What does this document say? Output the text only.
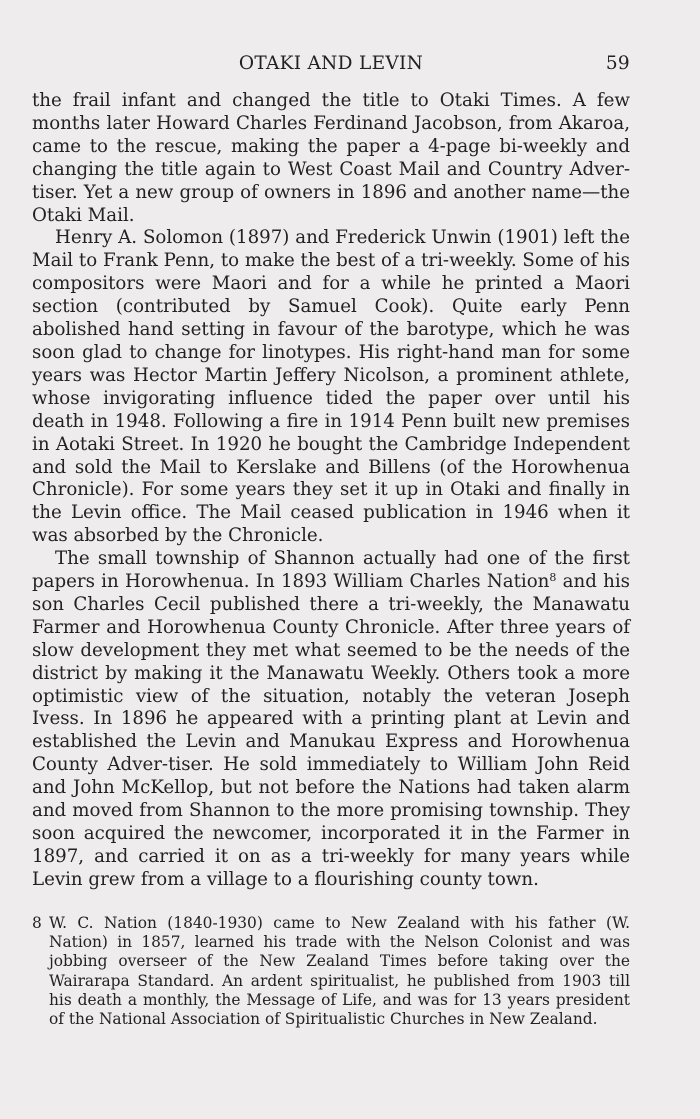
OTAKI AND LEVIN	59

the frail infant and changed the title to Otaki Times. A few months later Howard Charles Ferdinand Jacobson, from Akaroa, came to the rescue, making the paper a 4-page bi-weekly and changing the title again to West Coast Mail and Country Adver-tiser. Yet a new group of owners in 1896 and another name—the Otaki Mail.

Henry A. Solomon (1897) and Frederick Unwin (1901) left the Mail to Frank Penn, to make the best of a tri-weekly. Some of his compositors were Maori and for a while he printed a Maori section (contributed by Samuel Cook). Quite early Penn abolished hand setting in favour of the barotype, which he was soon glad to change for linotypes. His right-hand man for some years was Hector Martin Jeffery Nicolson, a prominent athlete, whose invigorating influence tided the paper over until his death in 1948. Following a fire in 1914 Penn built new premises in Aotaki Street. In 1920 he bought the Cambridge Independent and sold the Mail to Kerslake and Billens (of the Horowhenua Chronicle). For some years they set it up in Otaki and finally in the Levin office. The Mail ceased publication in 1946 when it was absorbed by the Chronicle.

The small township of Shannon actually had one of the first papers in Horowhenua. In 1893 William Charles Nation$^8$ and his son Charles Cecil published there a tri-weekly, the Manawatu Farmer and Horowhenua County Chronicle. After three years of slow development they met what seemed to be the needs of the district by making it the Manawatu Weekly. Others took a more optimistic view of the situation, notably the veteran Joseph Ivess. In 1896 he appeared with a printing plant at Levin and established the Levin and Manukau Express and Horowhenua County Adver-tiser. He sold immediately to William John Reid and John McKellop, but not before the Nations had taken alarm and moved from Shannon to the more promising township. They soon acquired the newcomer, incorporated it in the Farmer in 1897, and carried it on as a tri-weekly for many years while Levin grew from a village to a flourishing county town.

8 W. C. Nation (1840-1930) came to New Zealand with his father (W. Nation) in 1857, learned his trade with the Nelson Colonist and was jobbing overseer of the New Zealand Times before taking over the Wairarapa Standard. An ardent spiritualist, he published from 1903 till his death a monthly, the Message of Life, and was for 13 years president of the National Association of Spiritualistic Churches in New Zealand.
